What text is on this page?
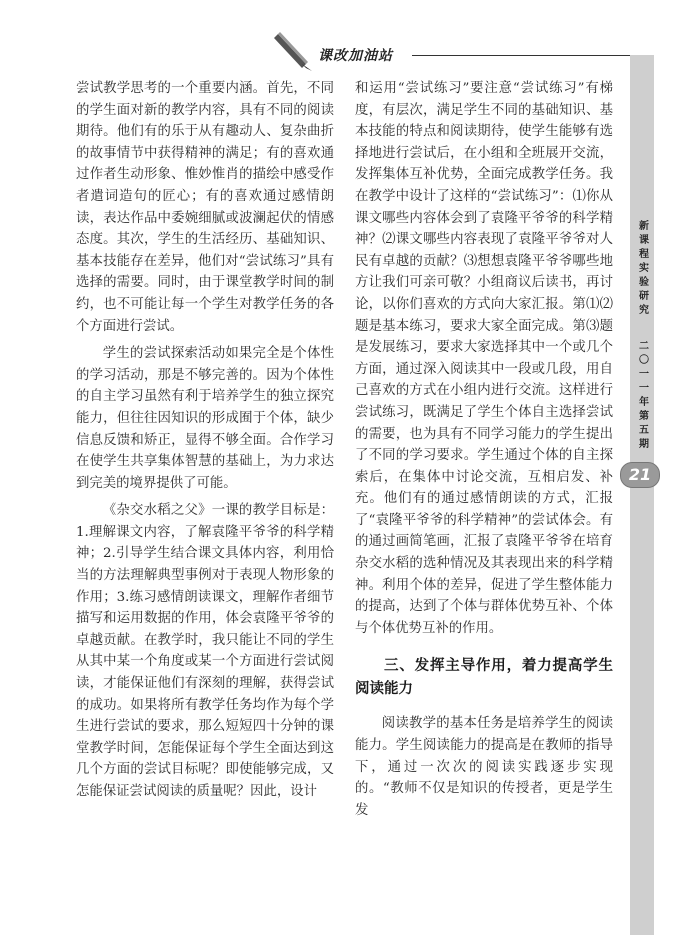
课改加油站
新课程实验研究
二〇一一年第五期
21

尝试教学思考的一个重要内涵。首先，不同的学生面对新的教学内容，具有不同的阅读期待。他们有的乐于从有趣动人、复杂曲折的故事情节中获得精神的满足；有的喜欢通过作者生动形象、惟妙惟肖的描绘中感受作者遣词造句的匠心；有的喜欢通过感情朗读，表达作品中委婉细腻或波澜起伏的情感态度。其次，学生的生活经历、基础知识、基本技能存在差异，他们对“尝试练习”具有选择的需要。同时，由于课堂教学时间的制约，也不可能让每一个学生对教学任务的各个方面进行尝试。

学生的尝试探索活动如果完全是个体性的学习活动，那是不够完善的。因为个体性的自主学习虽然有利于培养学生的独立探究能力，但往往因知识的形成囿于个体，缺少信息反馈和矫正，显得不够全面。合作学习在使学生共享集体智慧的基础上，为力求达到完美的境界提供了可能。

《杂交水稻之父》一课的教学目标是：1.理解课文内容，了解袁隆平爷爷的科学精神；2.引导学生结合课文具体内容，利用恰当的方法理解典型事例对于表现人物形象的作用；3.练习感情朗读课文，理解作者细节描写和运用数据的作用，体会袁隆平爷爷的卓越贡献。在教学时，我只能让不同的学生从其中某一个角度或某一个方面进行尝试阅读，才能保证他们有深刻的理解，获得尝试的成功。如果将所有教学任务均作为每个学生进行尝试的要求，那么短短四十分钟的课堂教学时间，怎能保证每个学生全面达到这几个方面的尝试目标呢？即使能够完成，又怎能保证尝试阅读的质量呢？因此，设计

和运用“尝试练习”要注意“尝试练习”有梯度，有层次，满足学生不同的基础知识、基本技能的特点和阅读期待，使学生能够有选择地进行尝试后，在小组和全班展开交流，发挥集体互补优势，全面完成教学任务。我在教学中设计了这样的“尝试练习”：⑴你从课文哪些内容体会到了袁隆平爷爷的科学精神？⑵课文哪些内容表现了袁隆平爷爷对人民有卓越的贡献？⑶想想袁隆平爷爷哪些地方让我们可亲可敬？小组商议后读书，再讨论，以你们喜欢的方式向大家汇报。第⑴⑵题是基本练习，要求大家全面完成。第⑶题是发展练习，要求大家选择其中一个或几个方面，通过深入阅读其中一段或几段，用自己喜欢的方式在小组内进行交流。这样进行尝试练习，既满足了学生个体自主选择尝试的需要，也为具有不同学习能力的学生提出了不同的学习要求。学生通过个体的自主探索后，在集体中讨论交流，互相启发、补充。他们有的通过感情朗读的方式，汇报了“袁隆平爷爷的科学精神”的尝试体会。有的通过画简笔画，汇报了袁隆平爷爷在培育杂交水稻的选种情况及其表现出来的科学精神。利用个体的差异，促进了学生整体能力的提高，达到了个体与群体优势互补、个体与个体优势互补的作用。

三、发挥主导作用，着力提高学生阅读能力

阅读教学的基本任务是培养学生的阅读能力。学生阅读能力的提高是在教师的指导下，通过一次次的阅读实践逐步实现的。“教师不仅是知识的传授者，更是学生发
